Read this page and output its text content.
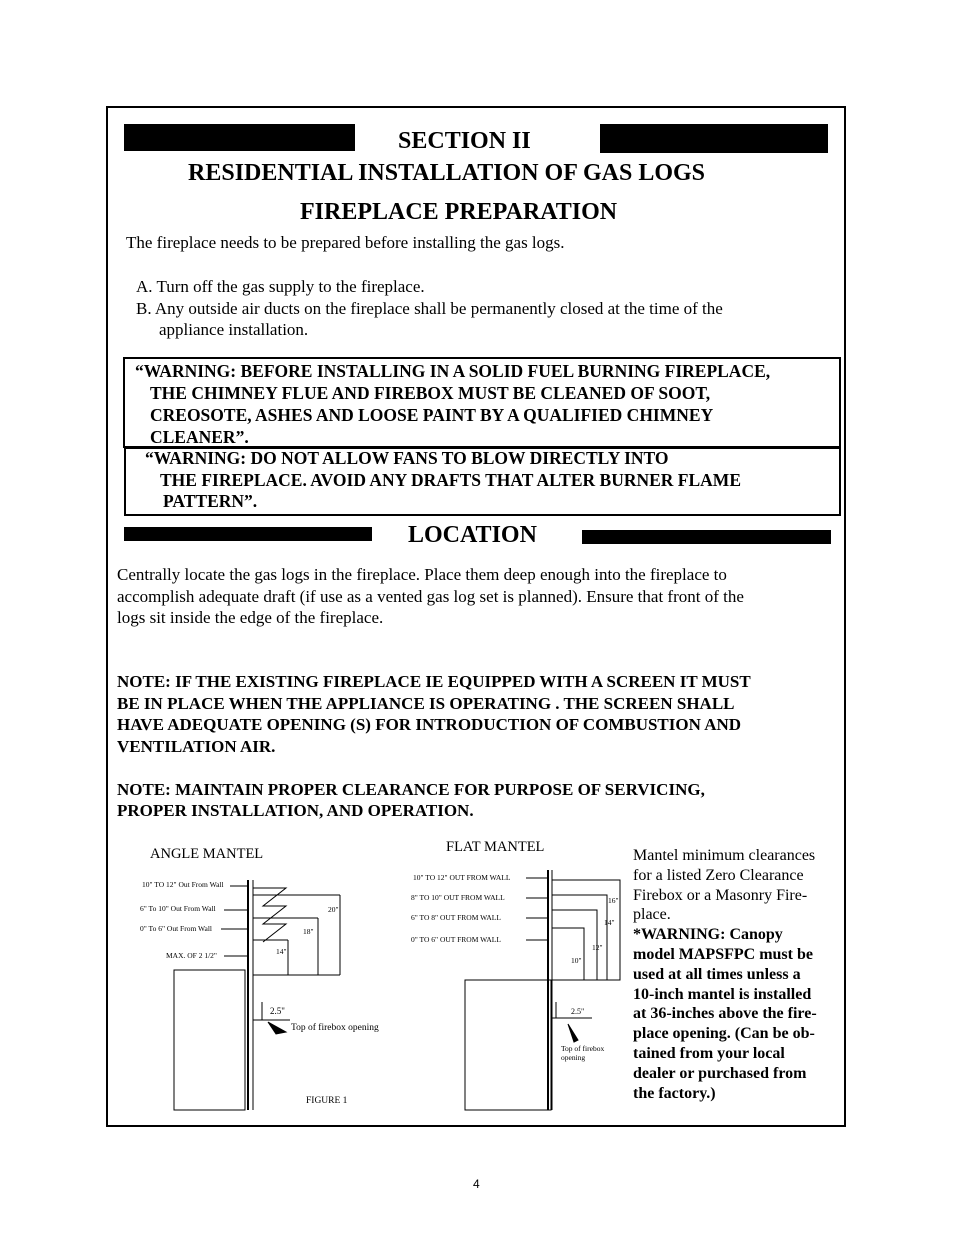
SECTION II
RESIDENTIAL INSTALLATION OF GAS LOGS
FIREPLACE PREPARATION
The fireplace needs to be prepared before installing the gas logs.
A. Turn off the gas supply to the fireplace.
B. Any outside air ducts on the fireplace shall be permanently closed at the time of the
appliance installation.
“WARNING: BEFORE INSTALLING IN A SOLID FUEL BURNING FIREPLACE,
THE CHIMNEY FLUE AND FIREBOX MUST BE CLEANED OF SOOT,
CREOSOTE, ASHES AND LOOSE PAINT BY A QUALIFIED CHIMNEY
CLEANER”.
“WARNING: DO NOT ALLOW FANS TO BLOW DIRECTLY INTO
THE FIREPLACE. AVOID ANY DRAFTS THAT ALTER BURNER FLAME
PATTERN”.
LOCATION
Centrally locate the gas logs in the fireplace. Place them deep enough into the fireplace to
accomplish adequate draft (if use as a vented gas log set is planned). Ensure that front of the
logs sit inside the edge of the fireplace.
NOTE: IF THE EXISTING FIREPLACE IE EQUIPPED WITH A SCREEN IT MUST
BE IN PLACE WHEN THE APPLIANCE IS OPERATING . THE SCREEN SHALL
HAVE ADEQUATE OPENING (S) FOR INTRODUCTION OF COMBUSTION AND
VENTILATION AIR.
NOTE: MAINTAIN PROPER CLEARANCE FOR PURPOSE OF SERVICING,
PROPER INSTALLATION, AND OPERATION.
ANGLE MANTEL
10" TO 12" Out From Wall
6" To 10" Out From Wall
0" To 6" Out From Wall
MAX. OF 2 1/2"
20"
18"
14"
2.5"
Top of firebox opening
FIGURE 1
FLAT MANTEL
10" TO 12" OUT FROM WALL
8" TO 10" OUT FROM WALL
6" TO 8" OUT FROM WALL
0" TO 6" OUT FROM WALL
16"
14"
12"
10"
2.5"
Top of firebox
opening
Mantel minimum clearances
for a listed Zero Clearance
Firebox or a Masonry Fire-
place.
*WARNING: Canopy
model MAPSFPC must be
used at all times unless a
10-inch mantel is installed
at 36-inches above the fire-
place opening. (Can be ob-
tained from your local
dealer or purchased from
the factory.)
4
